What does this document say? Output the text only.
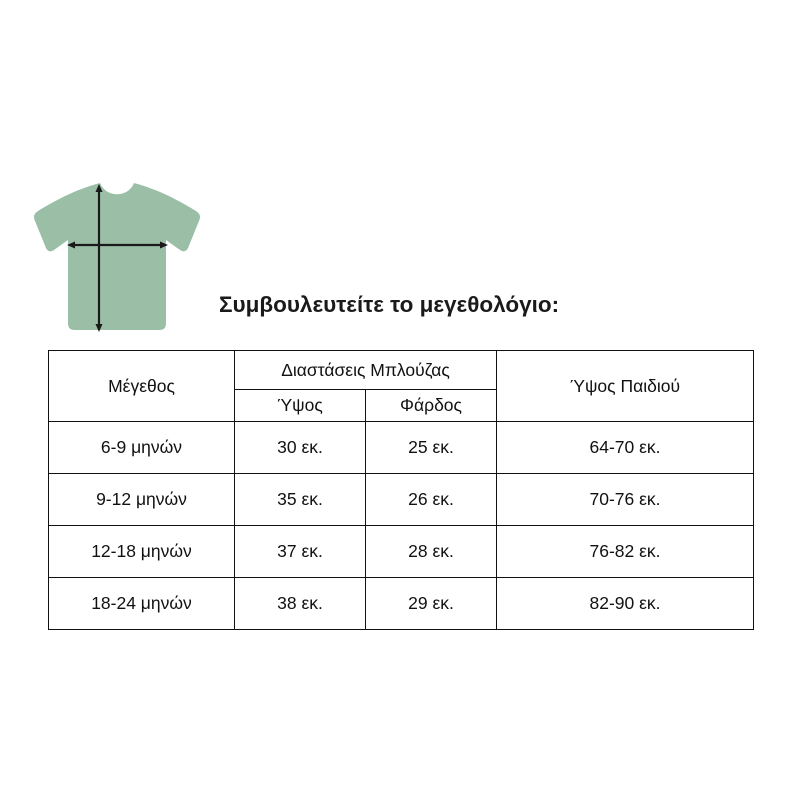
Συμβουλευτείτε το μεγεθολόγιο:
Μέγεθος	Διαστάσεις Μπλούζας		Ύψος Παιδιού
	Ύψος	Φάρδος	
6-9 μηνών	30 εκ.	25 εκ.	64-70 εκ.
9-12 μηνών	35 εκ.	26 εκ.	70-76 εκ.
12-18 μηνών	37 εκ.	28 εκ.	76-82 εκ.
18-24 μηνών	38 εκ.	29 εκ.	82-90 εκ.
